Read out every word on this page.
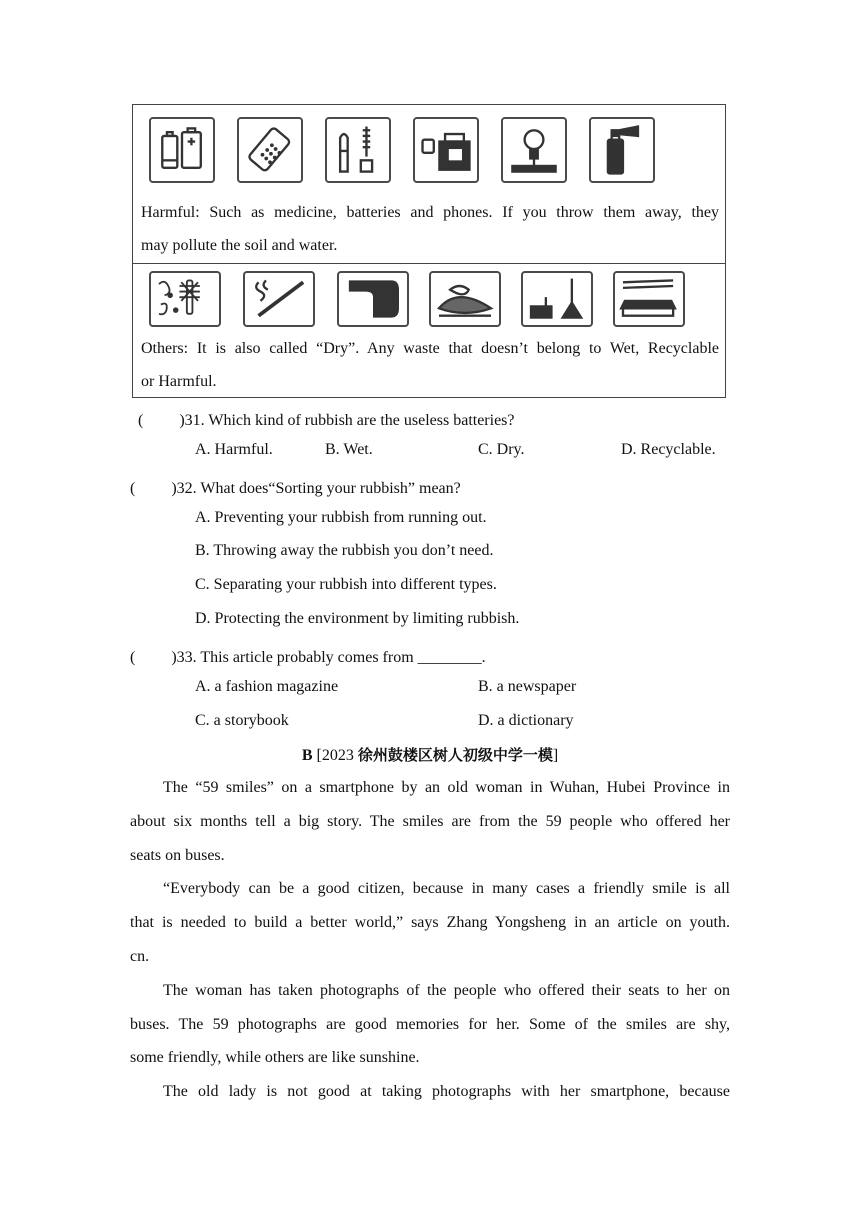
Harmful: Such as medicine, batteries and phones. If you throw them away, they
may pollute the soil and water.
Others: It is also called “Dry”. Any waste that doesn’t belong to Wet, Recyclable
or Harmful.
(　 　)31. Which kind of rubbish are the useless batteries?
A. Harmful.	B. Wet.	C. Dry.	D. Recyclable.
(　 　)32. What does“Sorting your rubbish” mean?
A. Preventing your rubbish from running out.
B. Throwing away the rubbish you don’t need.
C. Separating your rubbish into different types.
D. Protecting the environment by limiting rubbish.
(　 　)33. This article probably comes from ________.
A. a fashion magazine	B. a newspaper
C. a storybook	D. a dictionary
B [2023 徐州鼓楼区树人初级中学一模]
The “59 smiles” on a smartphone by an old woman in Wuhan, Hubei Province in
about six months tell a big story. The smiles are from the 59 people who offered her
seats on buses.
“Everybody can be a good citizen, because in many cases a friendly smile is all
that is needed to build a better world,” says Zhang Yongsheng in an article on youth.
cn.
The woman has taken photographs of the people who offered their seats to her on
buses. The 59 photographs are good memories for her. Some of the smiles are shy,
some friendly, while others are like sunshine.
The old lady is not good at taking photographs with her smartphone, because
